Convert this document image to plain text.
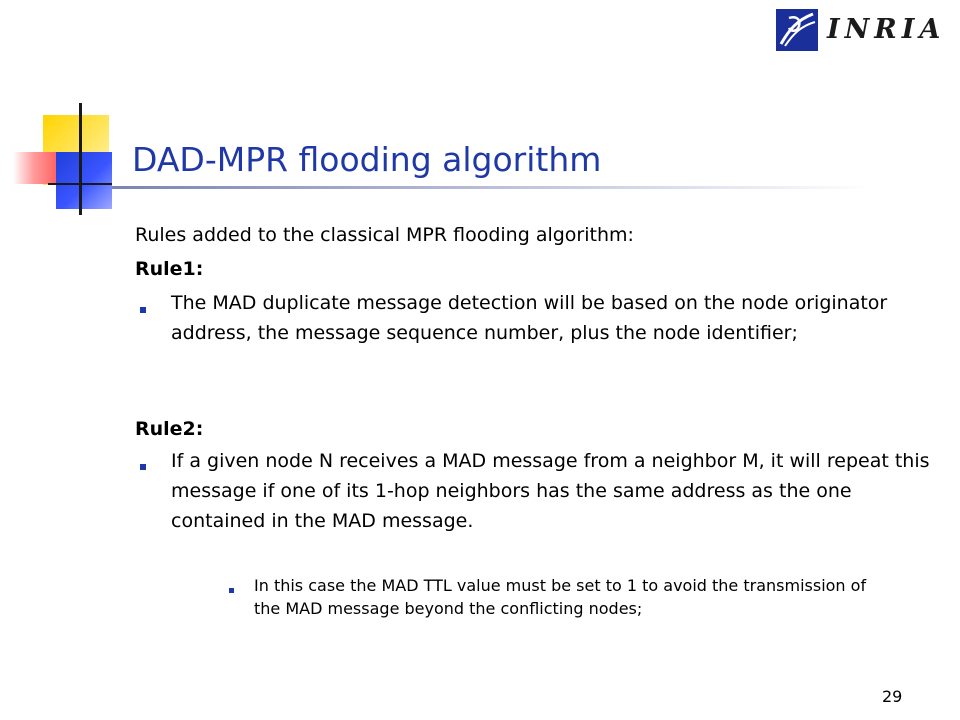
INRIA
DAD-MPR flooding algorithm
Rules added to the classical MPR flooding algorithm:
Rule1:

The MAD duplicate message detection will be based on the node originator address, the message sequence number, plus the node identifier;

Rule2:

If a given node N receives a MAD message from a neighbor M, it will repeat this message if one of its 1-hop neighbors has the same address as the one contained in the MAD message.

In this case the MAD TTL value must be set to 1 to avoid the transmission of the MAD message beyond the conflicting nodes;

29
